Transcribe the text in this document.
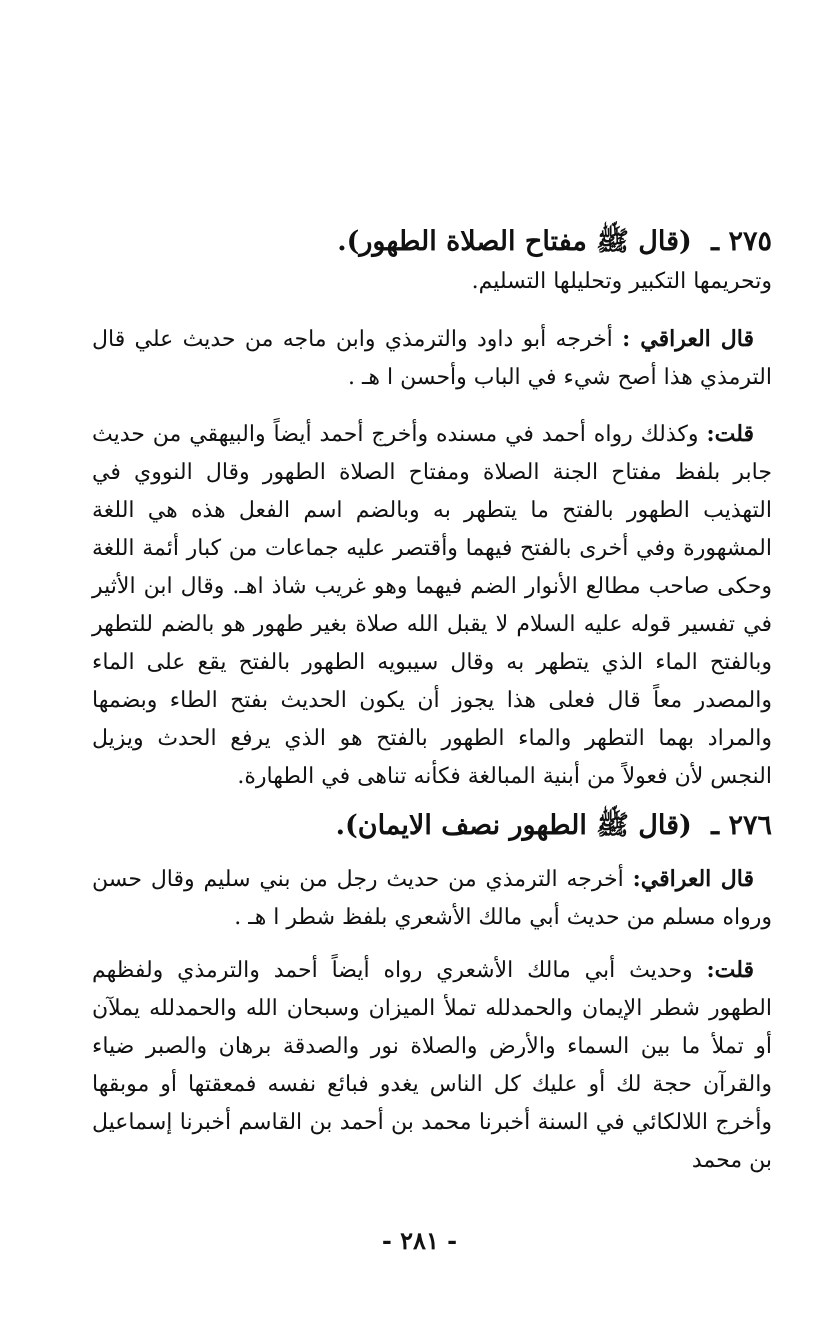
٢٧٥ ـ (قال ﷺ مفتاح الصلاة الطهور).

وتحريمها التكبير وتحليلها التسليم.

قال العراقي : أخرجه أبو داود والترمذي وابن ماجه من حديث علي قال الترمذي هذا أصح شيء في الباب وأحسن ا هـ .

قلت: وكذلك رواه أحمد في مسنده وأخرج أحمد أيضاً والبيهقي من حديث جابر بلفظ مفتاح الجنة الصلاة ومفتاح الصلاة الطهور وقال النووي في التهذيب الطهور بالفتح ما يتطهر به وبالضم اسم الفعل هذه هي اللغة المشهورة وفي أخرى بالفتح فيهما وأقتصر عليه جماعات من كبار أئمة اللغة وحكى صاحب مطالع الأنوار الضم فيهما وهو غريب شاذ اهـ. وقال ابن الأثير في تفسير قوله عليه السلام لا يقبل الله صلاة بغير طهور هو بالضم للتطهر وبالفتح الماء الذي يتطهر به وقال سيبويه الطهور بالفتح يقع على الماء والمصدر معاً قال فعلى هذا يجوز أن يكون الحديث بفتح الطاء وبضمها والمراد بهما التطهر والماء الطهور بالفتح هو الذي يرفع الحدث ويزيل النجس لأن فعولاً من أبنية المبالغة فكأنه تناهى في الطهارة.

٢٧٦ ـ (قال ﷺ الطهور نصف الايمان).

قال العراقي: أخرجه الترمذي من حديث رجل من بني سليم وقال حسن ورواه مسلم من حديث أبي مالك الأشعري بلفظ شطر ا هـ .

قلت: وحديث أبي مالك الأشعري رواه أيضاً أحمد والترمذي ولفظهم الطهور شطر الإيمان والحمدلله تملأ الميزان وسبحان الله والحمدلله يملآن أو تملأ ما بين السماء والأرض والصلاة نور والصدقة برهان والصبر ضياء والقرآن حجة لك أو عليك كل الناس يغدو فبائع نفسه فمعقتها أو موبقها وأخرج اللالكائي في السنة أخبرنا محمد بن أحمد بن القاسم أخبرنا إسماعيل بن محمد

- ٢٨١ -
